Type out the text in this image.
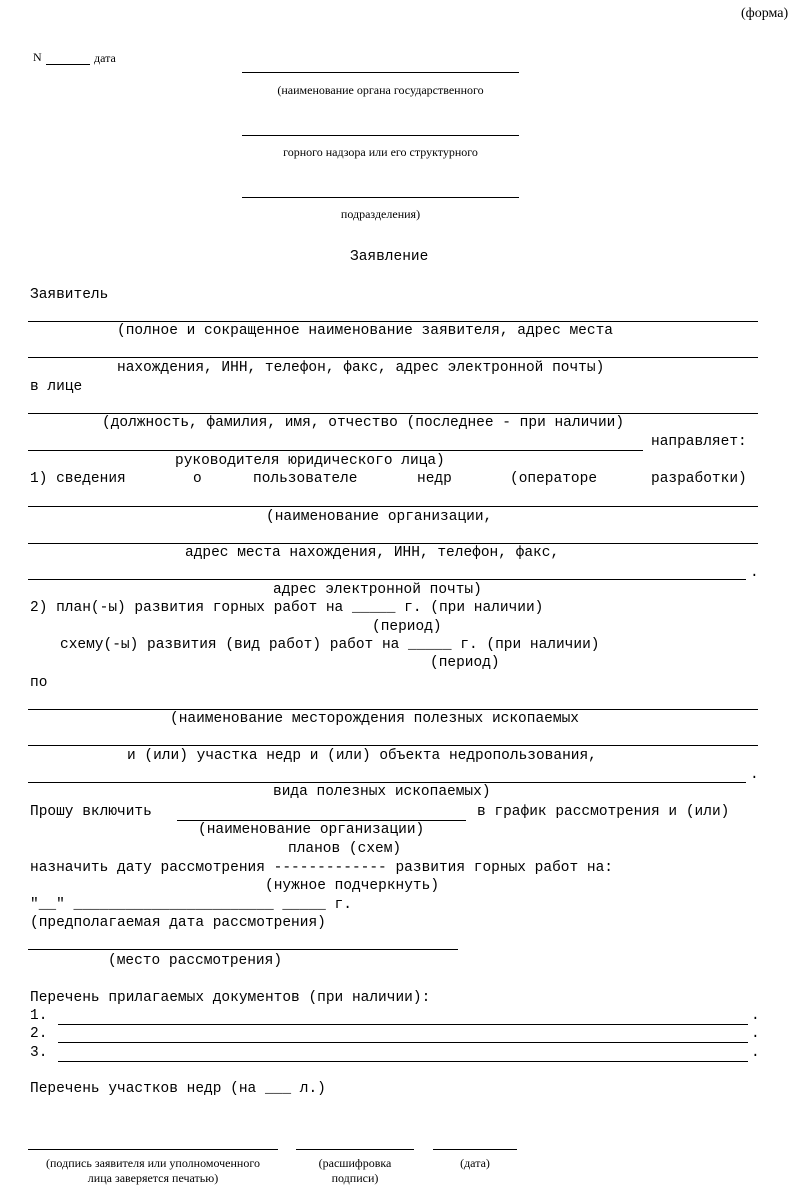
(форма)
N	дата
(наименование органа государственного
горного надзора или его структурного
подразделения)
Заявление
Заявитель
(полное и сокращенное наименование заявителя, адрес места
нахождения, ИНН, телефон, факс, адрес электронной почты)
в лице
(должность, фамилия, имя, отчество (последнее - при наличии)
направляет:
руководителя юридического лица)
1) сведения	о	пользователе	недр	(операторе	разработки)
(наименование организации,
адрес места нахождения, ИНН, телефон, факс,
.
адрес электронной почты)
2) план(-ы) развития горных работ на _____ г. (при наличии)
(период)
схему(-ы) развития (вид работ) работ на _____ г. (при наличии)
(период)
по
(наименование месторождения полезных ископаемых
и (или) участка недр и (или) объекта недропользования,
.
вида полезных ископаемых)
Прошу включить	в график рассмотрения и (или)
(наименование организации)
планов (схем)
назначить дату рассмотрения ------------- развития горных работ на:
(нужное подчеркнуть)
"__" _______________________ _____ г.
(предполагаемая дата рассмотрения)
(место рассмотрения)
Перечень прилагаемых документов (при наличии):
1.	.
2.	.
3.	.
Перечень участков недр (на ___ л.)
(подпись заявителя или уполномоченного
лица заверяется печатью)
(расшифровка
подписи)
(дата)
